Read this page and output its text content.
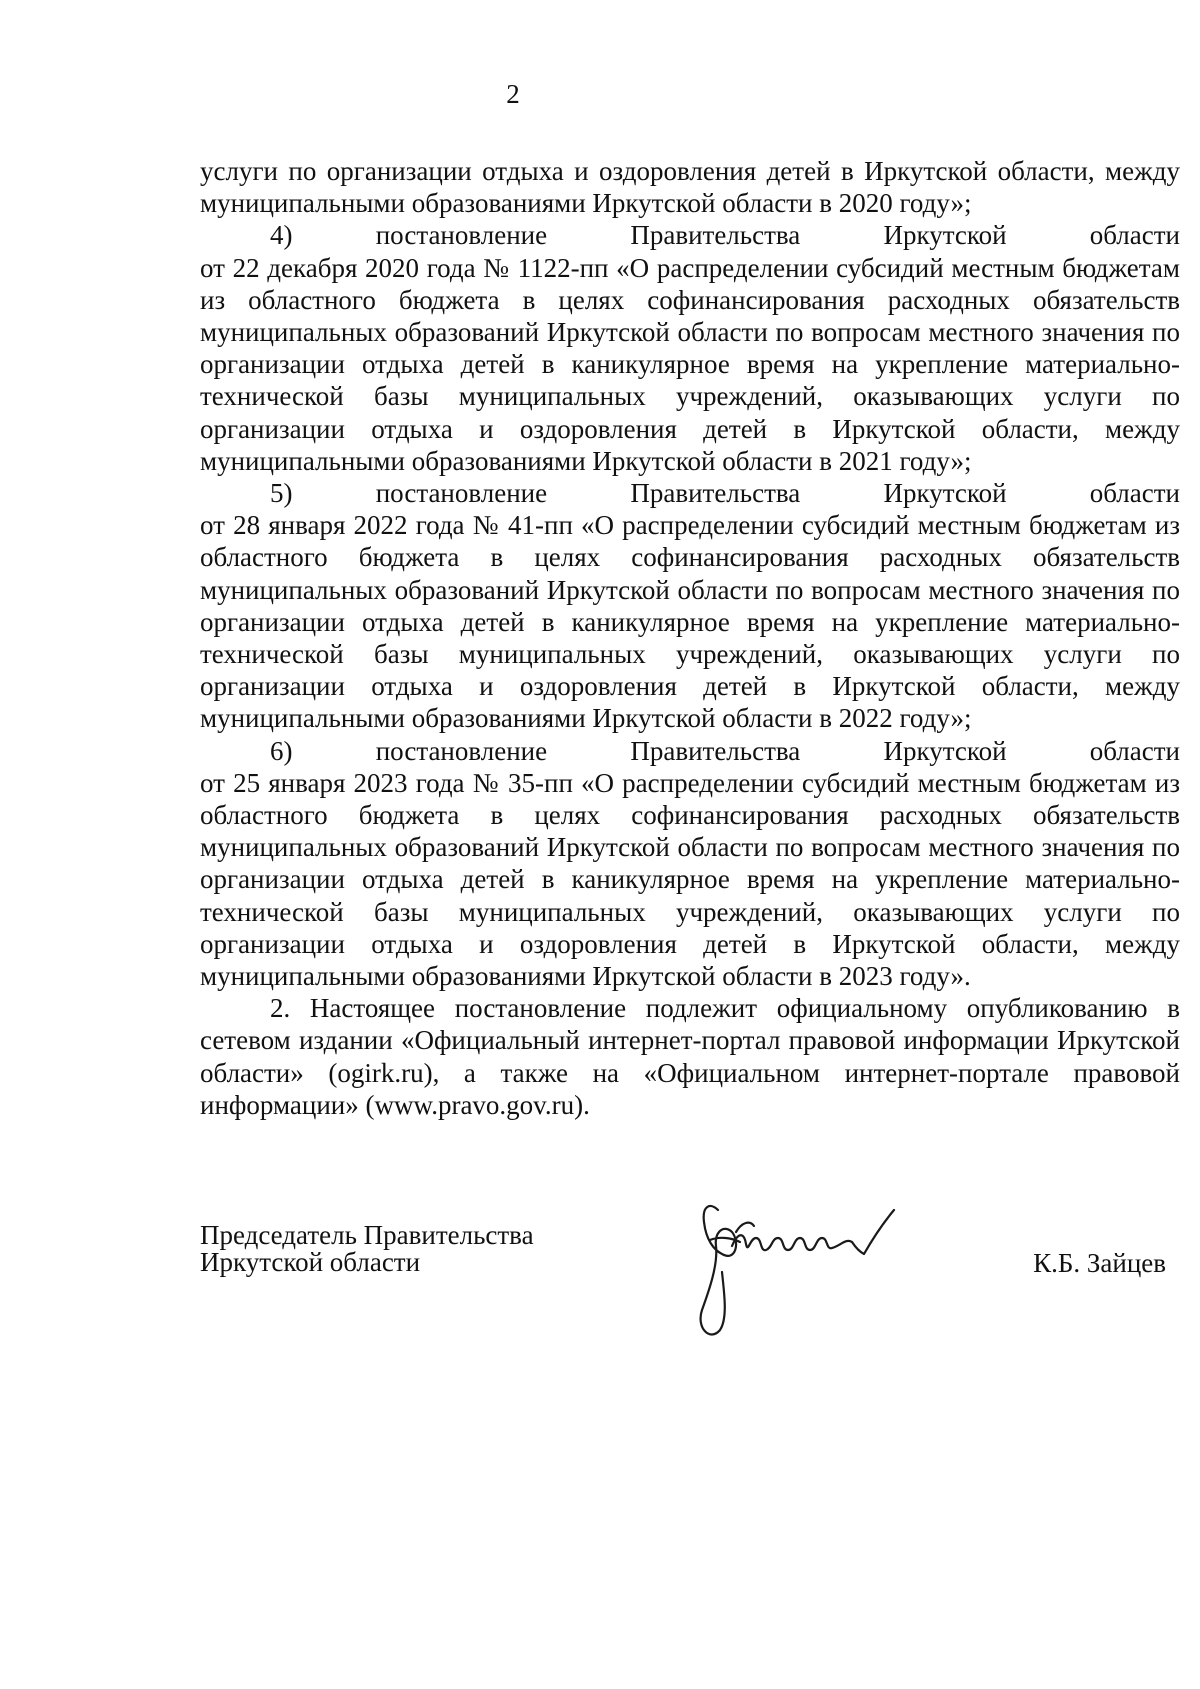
2

услуги по организации отдыха и оздоровления детей в Иркутской области, между муниципальными образованиями Иркутской области в 2020 году»;

4) постановление Правительства Иркутской области

от 22 декабря 2020 года № 1122-пп «О распределении субсидий местным бюджетам из областного бюджета в целях софинансирования расходных обязательств муниципальных образований Иркутской области по вопросам местного значения по организации отдыха детей в каникулярное время на укрепление материально-технической базы муниципальных учреждений, оказывающих услуги по организации отдыха и оздоровления детей в Иркутской области, между муниципальными образованиями Иркутской области в 2021 году»;

5) постановление Правительства Иркутской области

от 28 января 2022 года № 41-пп «О распределении субсидий местным бюджетам из областного бюджета в целях софинансирования расходных обязательств муниципальных образований Иркутской области по вопросам местного значения по организации отдыха детей в каникулярное время на укрепление материально-технической базы муниципальных учреждений, оказывающих услуги по организации отдыха и оздоровления детей в Иркутской области, между муниципальными образованиями Иркутской области в 2022 году»;

6) постановление Правительства Иркутской области

от 25 января 2023 года № 35-пп «О распределении субсидий местным бюджетам из областного бюджета в целях софинансирования расходных обязательств муниципальных образований Иркутской области по вопросам местного значения по организации отдыха детей в каникулярное время на укрепление материально-технической базы муниципальных учреждений, оказывающих услуги по организации отдыха и оздоровления детей в Иркутской области, между муниципальными образованиями Иркутской области в 2023 году».

2. Настоящее постановление подлежит официальному опубликованию в сетевом издании «Официальный интернет-портал правовой информации Иркутской области» (ogirk.ru), а также на «Официальном интернет-портале правовой информации» (www.pravo.gov.ru).

Председатель Правительства
Иркутской области	К.Б. Зайцев
